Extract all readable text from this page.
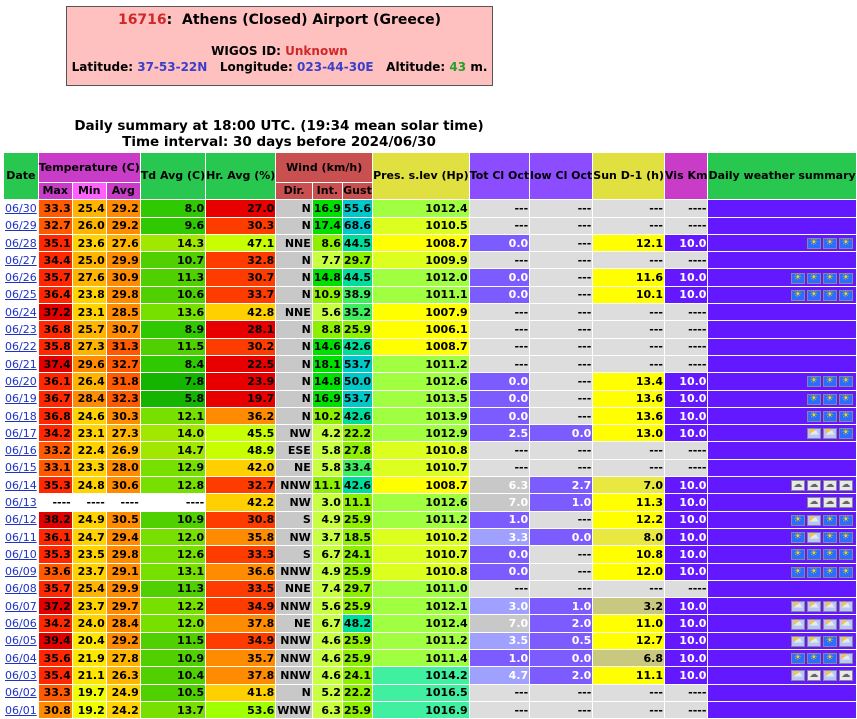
16716:  Athens (Closed) Airport (Greece)
WIGOS ID: Unknown
Latitude: 37-53-22N Longitude: 023-44-30E Altitude: 43 m.
Daily summary at 18:00 UTC. (19:34 mean solar time)
Time interval: 30 days before 2024/06/30
Date	Temperature (C)			Td Avg (C)	Hr. Avg (%)	Wind (km/h)			Pres. s.lev (Hp)	Tot Cl Oct	low Cl Oct	Sun D-1 (h)	Vis Km	Daily weather summary
	Max	Min	Avg			Dir.	Int.	Gust						
06/30	33.3	25.4	29.2	8.0	27.0	N	16.9	55.6	1012.4	---	---	---	----	
06/29	32.7	26.0	29.2	9.6	30.3	N	17.4	68.6	1010.5	---	---	---	----	
06/28	35.1	23.6	27.6	14.3	47.1	NNE	8.6	44.5	1008.7	0.0	---	12.1	10.0	☀ ☀ ☀
06/27	34.4	25.0	29.9	10.7	32.8	N	7.7	29.7	1009.9	---	---	---	----	
06/26	35.7	27.6	30.9	11.3	30.7	N	14.8	44.5	1012.0	0.0	---	11.6	10.0	☀ ☀ ☀ ☀
06/25	36.4	23.8	29.8	10.6	33.7	N	10.9	38.9	1011.1	0.0	---	10.1	10.0	☀ ☀ ☀ ☀
06/24	37.2	23.1	28.5	13.6	42.8	NNE	5.6	35.2	1007.9	---	---	---	----	
06/23	36.8	25.7	30.7	8.9	28.1	N	8.8	25.9	1006.1	---	---	---	----	
06/22	35.8	27.3	31.3	11.5	30.2	N	14.6	42.6	1008.7	---	---	---	----	
06/21	37.4	29.6	32.7	8.4	22.5	N	18.1	53.7	1011.2	---	---	---	----	
06/20	36.1	26.4	31.8	7.8	23.9	N	14.8	50.0	1012.6	0.0	---	13.4	10.0	☀ ☀ ☀
06/19	36.7	28.4	32.3	5.8	19.7	N	16.9	53.7	1013.5	0.0	---	13.6	10.0	☀ ☀ ☀
06/18	36.8	24.6	30.3	12.1	36.2	N	10.2	42.6	1013.9	0.0	---	13.6	10.0	☀ ☀ ☀
06/17	34.2	23.1	27.3	14.0	45.5	NW	4.2	22.2	1012.9	2.5	0.0	13.0	10.0	⛅ ⛅ ☀
06/16	33.2	22.4	26.9	14.7	48.9	ESE	5.8	27.8	1010.8	---	---	---	----	
06/15	33.1	23.3	28.0	12.9	42.0	NE	5.8	33.4	1010.7	---	---	---	----	
06/14	35.3	24.8	30.6	12.8	32.7	NNW	11.1	42.6	1008.7	6.3	2.7	7.0	10.0	☁ ☁ ☁ ☁
06/13	----	----	----	----	42.2	NW	3.0	11.1	1012.6	7.0	1.0	11.3	10.0	☁ ☁ ☁
06/12	38.2	24.9	30.5	10.9	30.8	S	4.9	25.9	1011.2	1.0	---	12.2	10.0	☀ ⛅ ☀ ☀
06/11	36.1	24.7	29.4	12.0	35.8	NW	3.7	18.5	1010.2	3.3	0.0	8.0	10.0	☀ ⛅ ☀ ☀
06/10	35.3	23.5	29.8	12.6	33.3	S	6.7	24.1	1010.7	0.0	---	10.8	10.0	☀ ☀ ☀ ☀
06/09	33.6	23.7	29.1	13.1	36.6	NNW	4.9	25.9	1010.8	0.0	---	12.0	10.0	☀ ☀ ☀ ☀
06/08	35.7	25.4	29.9	11.3	33.5	NNE	7.4	29.7	1011.0	---	---	---	----	
06/07	37.2	23.7	29.7	12.2	34.9	NNW	5.6	25.9	1012.1	3.0	1.0	3.2	10.0	⛅ ⛅ ⛅ ⛅
06/06	34.2	24.0	28.4	12.0	37.8	NE	6.7	48.2	1012.4	7.0	2.0	11.0	10.0	⛅ ⛅ ⛅ ⛅
06/05	39.4	20.4	29.2	11.5	34.9	NNW	4.6	25.9	1011.2	3.5	0.5	12.7	10.0	⛅ ⛅ ☀ ⛅
06/04	35.6	21.9	27.8	10.9	35.7	NNW	4.6	25.9	1011.4	1.0	0.0	6.8	10.0	☀ ☀ ☀ ⛅
06/03	35.4	21.1	26.3	10.4	37.8	NNW	4.6	24.1	1014.2	4.7	2.0	11.1	10.0	⛅ ☁ ⛅ ☁
06/02	33.3	19.7	24.9	10.5	41.8	N	5.2	22.2	1016.5	---	---	---	----	
06/01	30.8	19.2	24.2	13.7	53.6	WNW	6.3	25.9	1016.9	---	---	---	----	
